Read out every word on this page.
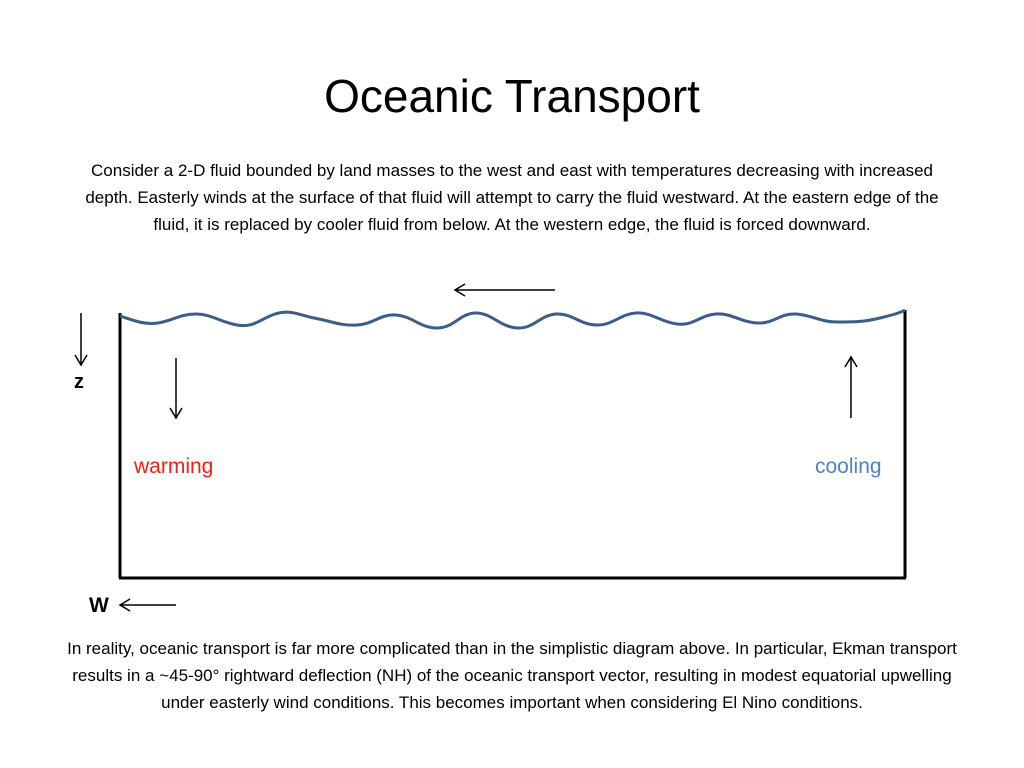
Oceanic Transport
Consider a 2-D fluid bounded by land masses to the west and east with temperatures decreasing with increased depth. Easterly winds at the surface of that fluid will attempt to carry the fluid westward. At the eastern edge of the fluid, it is replaced by cooler fluid from below. At the western edge, the fluid is forced downward.
z
W
warming	cooling
In reality, oceanic transport is far more complicated than in the simplistic diagram above. In particular, Ekman transport results in a ~45-90° rightward deflection (NH) of the oceanic transport vector, resulting in modest equatorial upwelling under easterly wind conditions. This becomes important when considering El Nino conditions.
